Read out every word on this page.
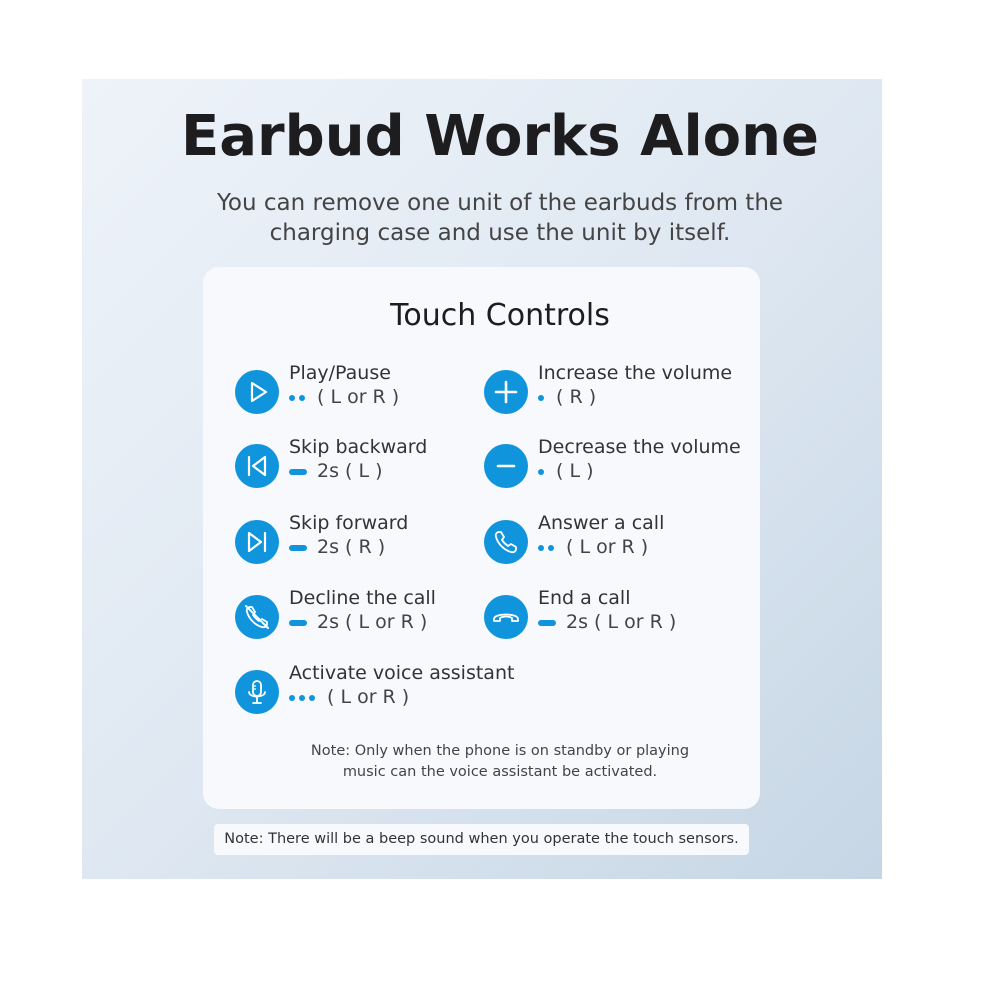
Earbud Works Alone
You can remove one unit of the earbuds from the
charging case and use the unit by itself.
Touch Controls
Play/Pause
( L or R )
Increase the volume
( R )
Skip backward
2s ( L )
Decrease the volume
( L )
Skip forward
2s ( R )
Answer a call
( L or R )
Decline the call
2s ( L or R )
End a call
2s ( L or R )
Activate voice assistant
( L or R )
Note: Only when the phone is on standby or playing
music can the voice assistant be activated.
Note: There will be a beep sound when you operate the touch sensors.
